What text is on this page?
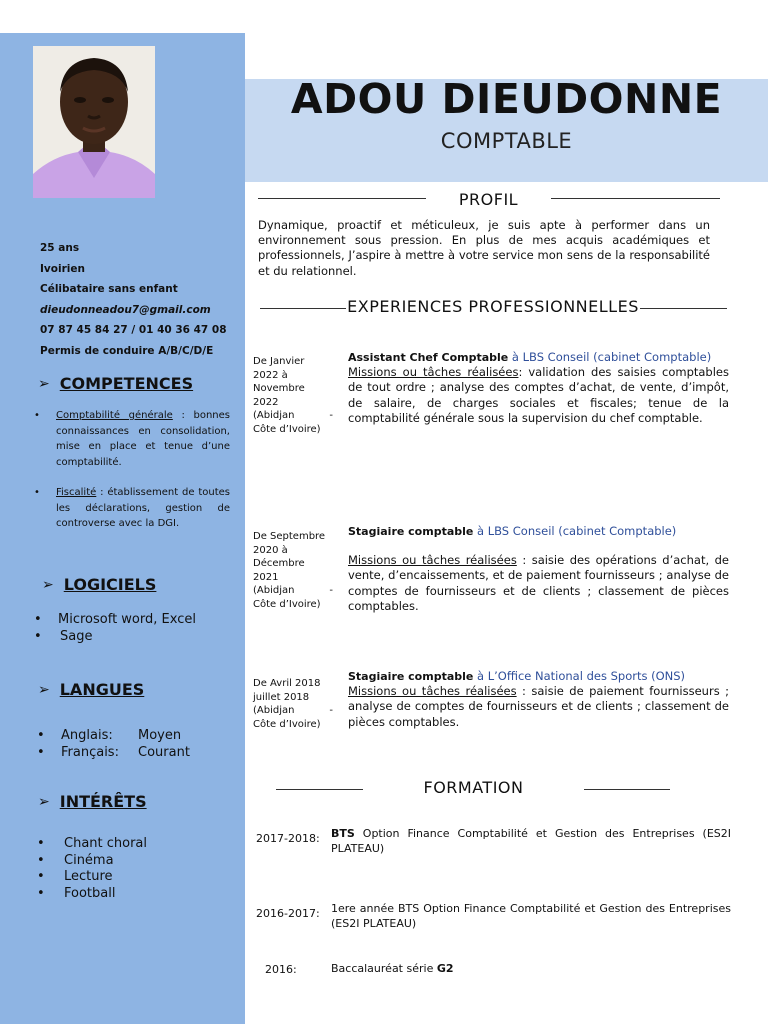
ADOU DIEUDONNE
COMPTABLE
25 ans
Ivoirien
Célibataire sans enfant
dieudonneadou7@gmail.com
07 87 45 84 27 / 01 40 36 47 08
Permis de conduire A/B/C/D/E
➢ COMPETENCES
• Comptabilité générale : bonnes connaissances en consolidation, mise en place et tenue d’une comptabilité.
• Fiscalité : établissement de toutes les déclarations, gestion de controverse avec la DGI.
➢ LOGICIELS
• Microsoft word, Excel
• Sage
➢ LANGUES
• Anglais: Moyen
• Français: Courant
➢ INTÉRÊTS
• Chant choral
• Cinéma
• Lecture
• Football
PROFIL
Dynamique, proactif et méticuleux, je suis apte à performer dans un environnement sous pression. En plus de mes acquis académiques et professionnels, J’aspire à mettre à votre service mon sens de la responsabilité et du relationnel.
EXPERIENCES PROFESSIONNELLES
De Janvier 2022 à Novembre 2022
(Abidjan	-
Côte d’Ivoire)
Assistant Chef Comptable à LBS Conseil (cabinet Comptable)
Missions ou tâches réalisées: validation des saisies comptables de tout ordre ; analyse des comptes d’achat, de vente, d’impôt, de salaire, de charges sociales et fiscales; tenue de la comptabilité générale sous la supervision du chef comptable.
De Septembre 2020 à Décembre 2021
(Abidjan	-
Côte d’Ivoire)
Stagiaire comptable à LBS Conseil (cabinet Comptable)
Missions ou tâches réalisées : saisie des opérations d’achat, de vente, d’encaissements, et de paiement fournisseurs ; analyse de comptes de fournisseurs et de clients ; classement de pièces comptables.
De Avril 2018 juillet 2018
(Abidjan	-
Côte d’Ivoire)
Stagiaire comptable à L’Office National des Sports (ONS)
Missions ou tâches réalisées : saisie de paiement fournisseurs ; analyse de comptes de fournisseurs et de clients ; classement de pièces comptables.
FORMATION
2017-2018: BTS Option Finance Comptabilité et Gestion des Entreprises (ES2I PLATEAU)
2016-2017: 1ere année BTS Option Finance Comptabilité et Gestion des Entreprises (ES2I PLATEAU)
2016:	Baccalauréat série G2
